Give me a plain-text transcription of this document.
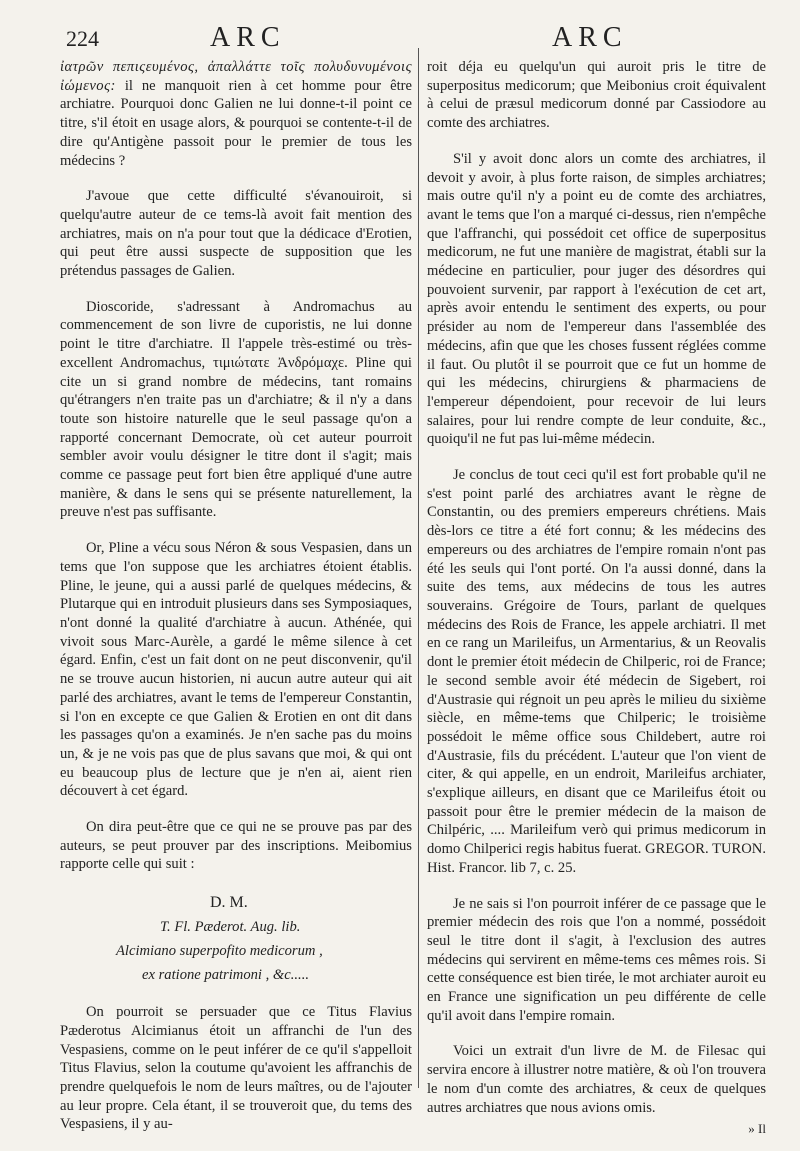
224	ARC	ARC

ἰατρῶν πεπιςευμένος, ἀπαλλάττε τοῖς πολυδυνυμένοις ἰώμενος: il ne manquoit rien à cet homme pour être archiatre. Pourquoi donc Galien ne lui donne-t-il point ce titre, s'il étoit en usage alors, & pourquoi se contente-t-il de dire qu'Antigène passoit pour le premier de tous les médecins ?

J'avoue que cette difficulté s'évanouiroit, si quelqu'autre auteur de ce tems-là avoit fait mention des archiatres, mais on n'a pour tout que la dédicace d'Erotien, qui peut être aussi suspecte de supposition que les prétendus passages de Galien.

Dioscoride, s'adressant à Andromachus au commencement de son livre de cuporistis, ne lui donne point le titre d'archiatre. Il l'appele très-estimé ou très-excellent Andromachus, τιμιώτατε Ἀνδρόμαχε. Pline qui cite un si grand nombre de médecins, tant romains qu'étrangers n'en traite pas un d'archiatre; & il n'y a dans toute son histoire naturelle que le seul passage qu'on a rapporté concernant Democrate, où cet auteur pourroit sembler avoir voulu désigner le titre dont il s'agit; mais comme ce passage peut fort bien être appliqué d'une autre manière, & dans le sens qui se présente naturellement, la preuve n'est pas suffisante.

Or, Pline a vécu sous Néron & sous Vespasien, dans un tems que l'on suppose que les archiatres étoient établis. Pline, le jeune, qui a aussi parlé de quelques médecins, & Plutarque qui en introduit plusieurs dans ses Symposiaques, n'ont donné la qualité d'archiatre à aucun. Athénée, qui vivoit sous Marc-Aurèle, a gardé le même silence à cet égard. Enfin, c'est un fait dont on ne peut disconvenir, qu'il ne se trouve aucun historien, ni aucun autre auteur qui ait parlé des archiatres, avant le tems de l'empereur Constantin, si l'on en excepte ce que Galien & Erotien en ont dit dans les passages qu'on a examinés. Je n'en sache pas du moins un, & je ne vois pas que de plus savans que moi, & qui ont eu beaucoup plus de lecture que je n'en ai, aient rien découvert à cet égard.

On dira peut-être que ce qui ne se prouve pas par des auteurs, se peut prouver par des inscriptions. Meibomius rapporte celle qui suit :

D. M.
T. Fl. Pæderot. Aug. lib.
Alcimiano superpofito medicorum ,
ex ratione patrimoni , &c.....

On pourroit se persuader que ce Titus Flavius Pæderotus Alcimianus étoit un affranchi de l'un des Vespasiens, comme on le peut inférer de ce qu'il s'appelloit Titus Flavius, selon la coutume qu'avoient les affranchis de prendre quelquefois le nom de leurs maîtres, ou de l'ajouter au leur propre. Cela étant, il se trouveroit que, du tems des Vespasiens, il y au-

roit déja eu quelqu'un qui auroit pris le titre de superpositus medicorum; que Meibonius croit équivalent à celui de præsul medicorum donné par Cassiodore au comte des archiatres.

S'il y avoit donc alors un comte des archiatres, il devoit y avoir, à plus forte raison, de simples archiatres; mais outre qu'il n'y a point eu de comte des archiatres, avant le tems que l'on a marqué ci-dessus, rien n'empêche que l'affranchi, qui possédoit cet office de superpositus medicorum, ne fut une manière de magistrat, établi sur la médecine en particulier, pour juger des désordres qui pouvoient survenir, par rapport à l'exécution de cet art, après avoir entendu le sentiment des experts, ou pour présider au nom de l'empereur dans l'assemblée des médecins, afin que que les choses fussent réglées comme il faut. Ou plutôt il se pourroit que ce fut un homme de qui les médecins, chirurgiens & pharmaciens de l'empereur dépendoient, pour recevoir de lui leurs salaires, pour lui rendre compte de leur conduite, &c., quoiqu'il ne fut pas lui-même médecin.

Je conclus de tout ceci qu'il est fort probable qu'il ne s'est point parlé des archiatres avant le règne de Constantin, ou des premiers empereurs chrétiens. Mais dès-lors ce titre a été fort connu; & les médecins des empereurs ou des archiatres de l'empire romain n'ont pas été les seuls qui l'ont porté. On l'a aussi donné, dans la suite des tems, aux médecins de tous les autres souverains. Grégoire de Tours, parlant de quelques médecins des Rois de France, les appele archiatri. Il met en ce rang un Marileifus, un Armentarius, & un Reovalis dont le premier étoit médecin de Chilperic, roi de France; le second semble avoir été médecin de Sigebert, roi d'Austrasie qui régnoit un peu après le milieu du sixième siècle, en même-tems que Chilperic; le troisième possédoit le même office sous Childebert, autre roi d'Austrasie, fils du précédent. L'auteur que l'on vient de citer, & qui appelle, en un endroit, Marileifus archiater, s'explique ailleurs, en disant que ce Marileifus étoit ou passoit pour être le premier médecin de la maison de Chilpéric, .... Marileifum verò qui primus medicorum in domo Chilperici regis habitus fuerat. GREGOR. TURON. Hist. Francor. lib 7, c. 25.

Je ne sais si l'on pourroit inférer de ce passage que le premier médecin des rois que l'on a nommé, possédoit seul le titre dont il s'agit, à l'exclusion des autres médecins qui servirent en même-tems ces mêmes rois. Si cette conséquence est bien tirée, le mot archiater auroit eu en France une signification un peu différente de celle qu'il avoit dans l'empire romain.

Voici un extrait d'un livre de M. de Filesac qui servira encore à illustrer notre matière, & où l'on trouvera le nom d'un comte des archiatres, & ceux de quelques autres archiatres que nous avions omis.

» Il
